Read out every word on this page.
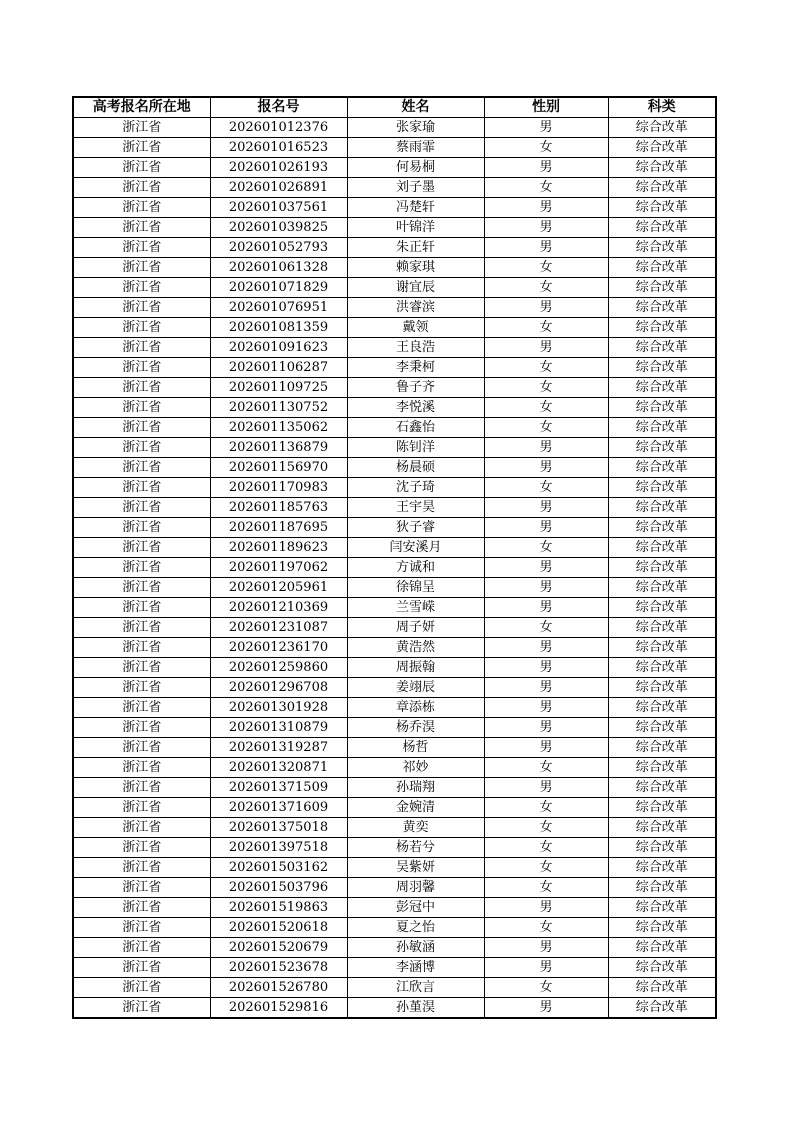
高考报名所在地	报名号	姓名	性别	科类
浙江省	202601012376	张家瑜	男	综合改革
浙江省	202601016523	蔡雨霏	女	综合改革
浙江省	202601026193	何易桐	男	综合改革
浙江省	202601026891	刘子墨	女	综合改革
浙江省	202601037561	冯楚轩	男	综合改革
浙江省	202601039825	叶锦洋	男	综合改革
浙江省	202601052793	朱正轩	男	综合改革
浙江省	202601061328	赖家琪	女	综合改革
浙江省	202601071829	谢宜辰	女	综合改革
浙江省	202601076951	洪睿滨	男	综合改革
浙江省	202601081359	戴领	女	综合改革
浙江省	202601091623	王良浩	男	综合改革
浙江省	202601106287	李秉柯	女	综合改革
浙江省	202601109725	鲁子齐	女	综合改革
浙江省	202601130752	李悦溪	女	综合改革
浙江省	202601135062	石鑫怡	女	综合改革
浙江省	202601136879	陈钊洋	男	综合改革
浙江省	202601156970	杨晨硕	男	综合改革
浙江省	202601170983	沈子琦	女	综合改革
浙江省	202601185763	王宇昊	男	综合改革
浙江省	202601187695	狄子睿	男	综合改革
浙江省	202601189623	闫安溪月	女	综合改革
浙江省	202601197062	方诚和	男	综合改革
浙江省	202601205961	徐锦呈	男	综合改革
浙江省	202601210369	兰雪嵘	男	综合改革
浙江省	202601231087	周子妍	女	综合改革
浙江省	202601236170	黄浩然	男	综合改革
浙江省	202601259860	周振翰	男	综合改革
浙江省	202601296708	姜翊辰	男	综合改革
浙江省	202601301928	章添栋	男	综合改革
浙江省	202601310879	杨乔淏	男	综合改革
浙江省	202601319287	杨哲	男	综合改革
浙江省	202601320871	祁妙	女	综合改革
浙江省	202601371509	孙瑞翔	男	综合改革
浙江省	202601371609	金婉清	女	综合改革
浙江省	202601375018	黄奕	女	综合改革
浙江省	202601397518	杨若兮	女	综合改革
浙江省	202601503162	吴紫妍	女	综合改革
浙江省	202601503796	周羽馨	女	综合改革
浙江省	202601519863	彭冠中	男	综合改革
浙江省	202601520618	夏之怡	女	综合改革
浙江省	202601520679	孙敏涵	男	综合改革
浙江省	202601523678	李涵博	男	综合改革
浙江省	202601526780	江欣言	女	综合改革
浙江省	202601529816	孙堇淏	男	综合改革
